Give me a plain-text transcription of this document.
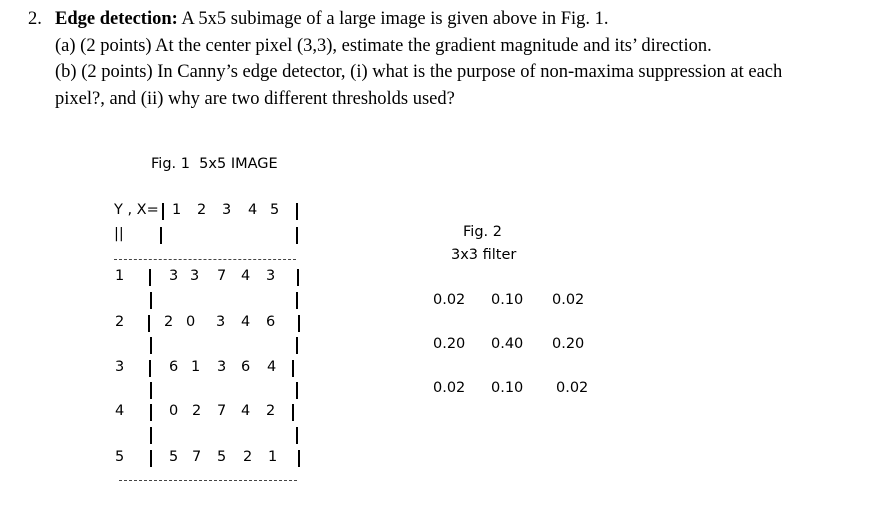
2. Edge detection: A 5x5 subimage of a large image is given above in Fig. 1.
(a) (2 points) At the center pixel (3,3), estimate the gradient magnitude and its’ direction.
(b) (2 points) In Canny’s edge detector, (i) what is the purpose of non-maxima suppression at each
pixel?, and (ii) why are two different thresholds used?
Fig. 1  5x5 IMAGE
Y , X= 1 2 3 4 5
||
1	3 3 7 4 3
2	2 0 3 4 6
3	6 1 3 6 4
4	0 2 7 4 2
5	5 7 5 2 1
Fig. 2
3x3 filter
0.02 0.10 0.02
0.20 0.40 0.20
0.02 0.10 0.02
